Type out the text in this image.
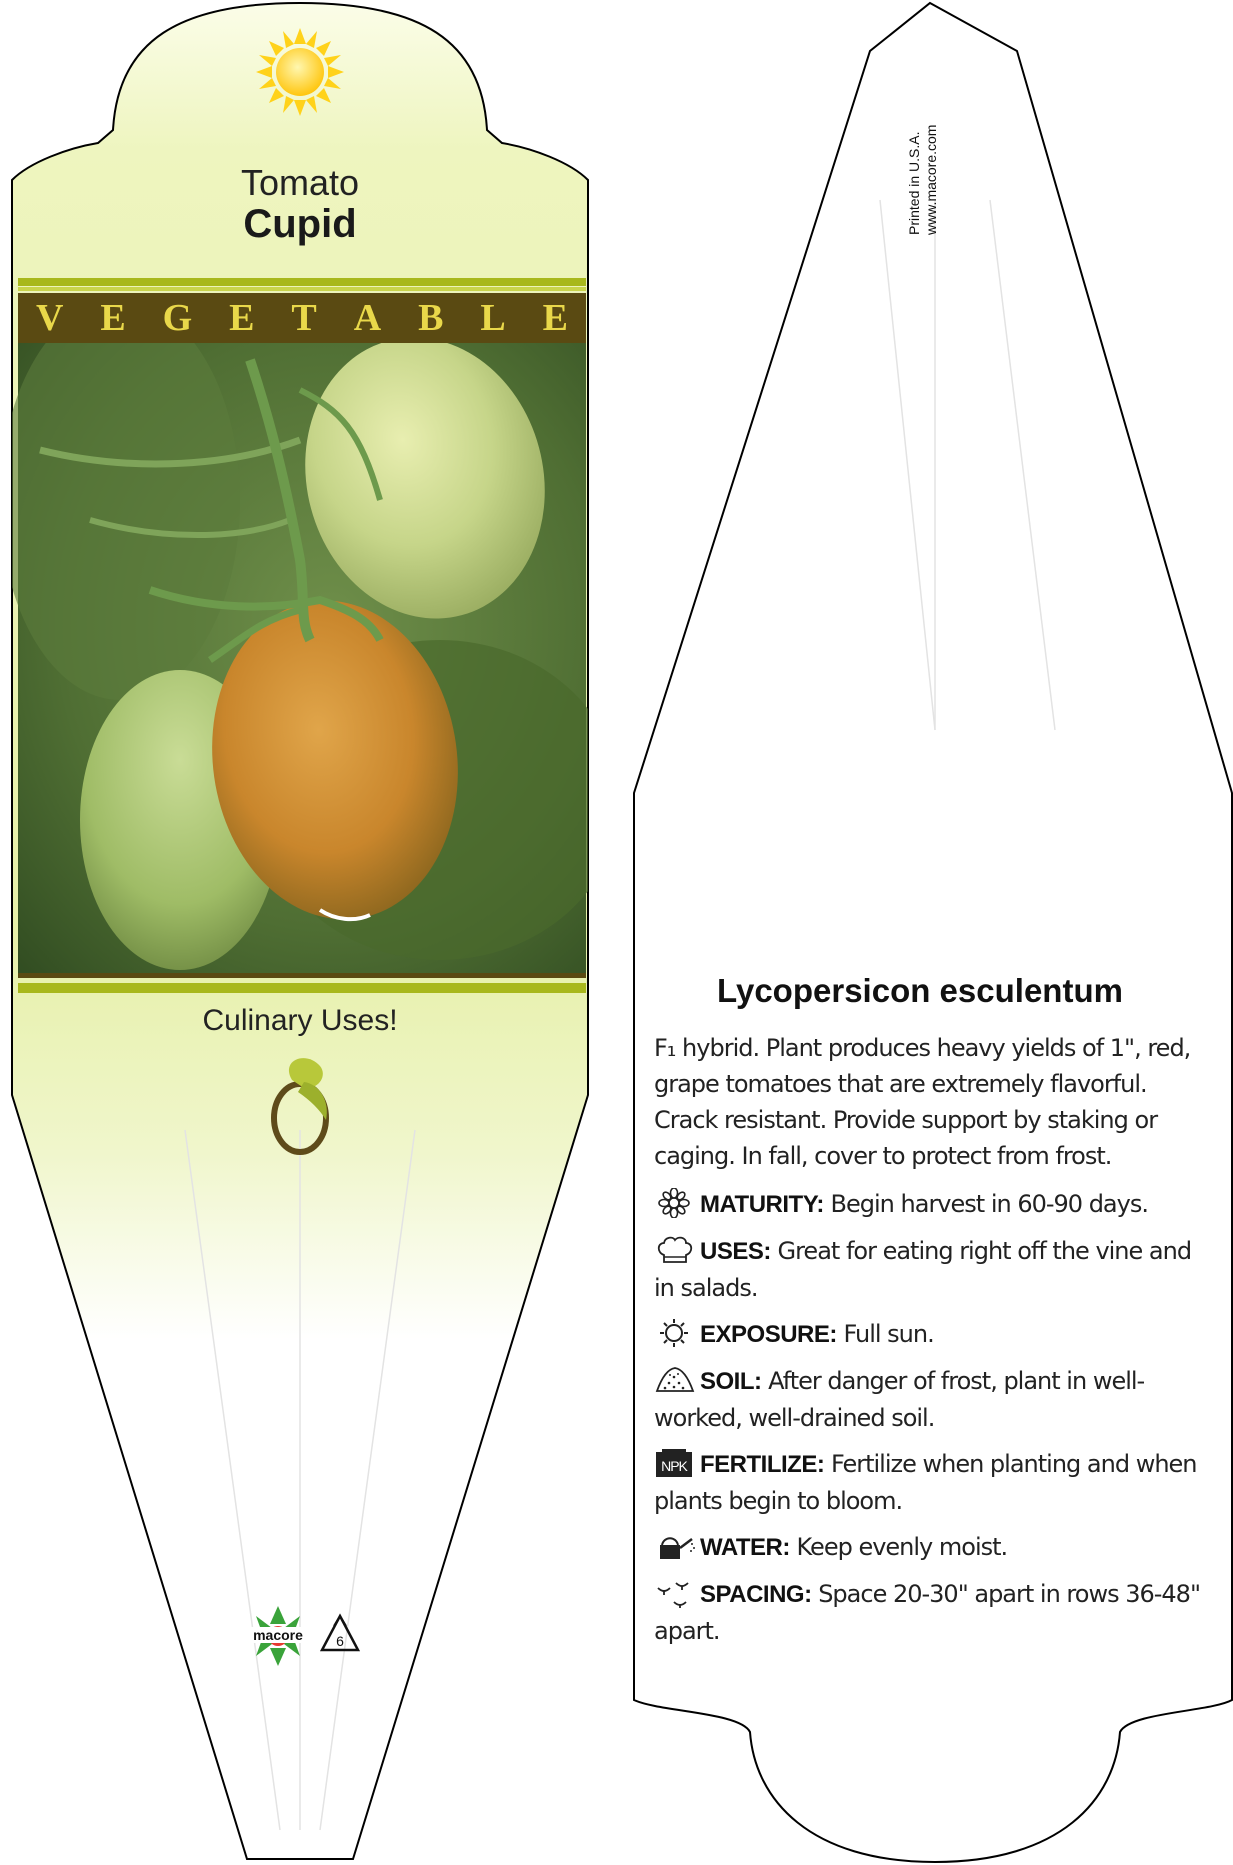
macore 6
Tomato
Cupid
V E G E T A B L E
Culinary Uses!
Printed in U.S.A. www.macore.com
Lycopersicon esculentum
F₁ hybrid. Plant produces heavy yields of 1", red, grape tomatoes that are extremely flavorful. Crack resistant. Provide support by staking or caging. In fall, cover to protect from frost.
MATURITY: Begin harvest in 60-90 days.
USES: Great for eating right off the vine and in salads.
EXPOSURE: Full sun.
SOIL: After danger of frost, plant in well-worked, well-drained soil.
NPK FERTILIZE: Fertilize when planting and when plants begin to bloom.
WATER: Keep evenly moist.
SPACING: Space 20-30" apart in rows 36-48" apart.
